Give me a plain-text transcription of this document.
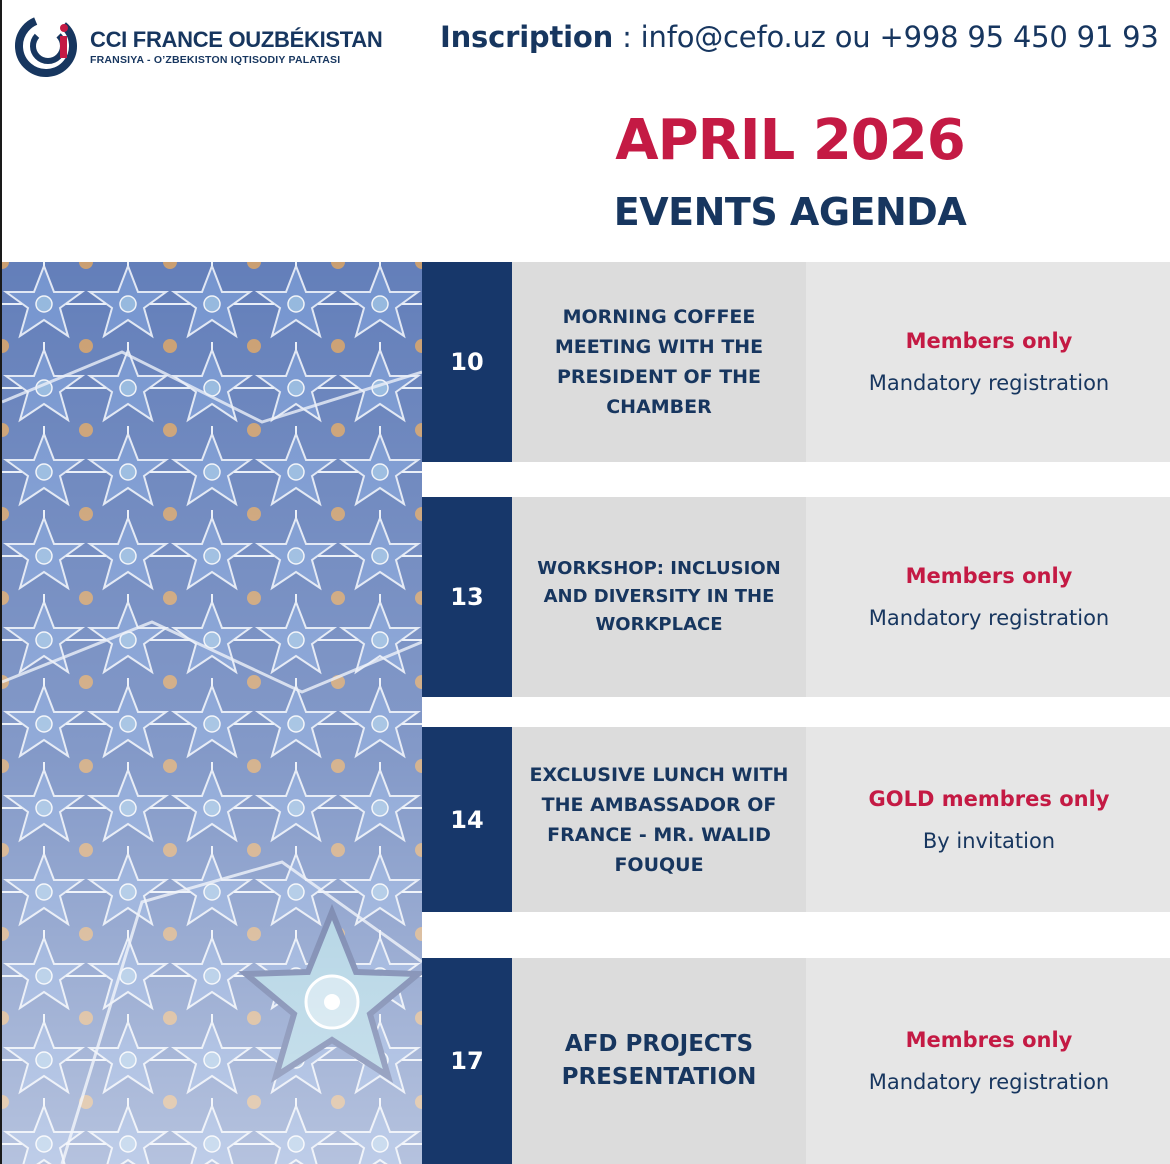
CCI FRANCE OUZBÉKISTAN
FRANSIYA - O’ZBEKISTON IQTISODIY PALATASI
Inscription : info@cefo.uz ou +998 95 450 91 93
APRIL 2026
EVENTS AGENDA
10
MORNING COFFEE MEETING WITH THE PRESIDENT OF THE CHAMBER
Members only
Mandatory registration
13
WORKSHOP: INCLUSION AND DIVERSITY IN THE WORKPLACE
Members only
Mandatory registration
14
EXCLUSIVE LUNCH WITH THE AMBASSADOR OF FRANCE - MR. WALID FOUQUE
GOLD membres only
By invitation
17
AFD PROJECTS PRESENTATION
Membres only
Mandatory registration
